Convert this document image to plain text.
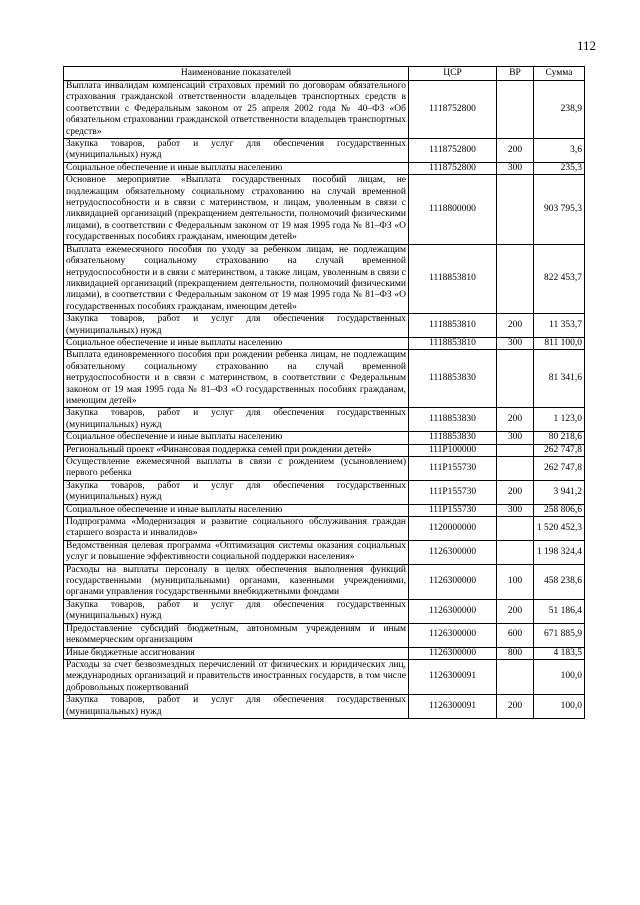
112
Наименование показателей	ЦСР	ВР	Сумма
Выплата инвалидам компенсаций страховых премий по договорам обязательного страхования гражданской ответственности владельцев транспортных средств в соответствии с Федеральным законом от 25 апреля 2002 года № 40–ФЗ «Об обязательном страховании гражданской ответственности владельцев транспортных средств»	1118752800		238,9
Закупка товаров, работ и услуг для обеспечения государственных (муниципальных) нужд	1118752800	200	3,6
Социальное обеспечение и иные выплаты населению	1118752800	300	235,3
Основное мероприятие «Выплата государственных пособий лицам, не подлежащим обязательному социальному страхованию на случай временной нетрудоспособности и в связи с материнством, и лицам, уволенным в связи с ликвидацией организаций (прекращением деятельности, полномочий физическими лицами), в соответствии с Федеральным законом от 19 мая 1995 года № 81–ФЗ «О государственных пособиях гражданам, имеющим детей»	1118800000		903 795,3
Выплата ежемесячного пособия по уходу за ребенком лицам, не подлежащим обязательному социальному страхованию на случай временной нетрудоспособности и в связи с материнством, а также лицам, уволенным в связи с ликвидацией организаций (прекращением деятельности, полномочий физическими лицами), в соответствии с Федеральным законом от 19 мая 1995 года № 81–ФЗ «О государственных пособиях гражданам, имеющим детей»	1118853810		822 453,7
Закупка товаров, работ и услуг для обеспечения государственных (муниципальных) нужд	1118853810	200	11 353,7
Социальное обеспечение и иные выплаты населению	1118853810	300	811 100,0
Выплата единовременного пособия при рождении ребенка лицам, не подлежащим обязательному социальному страхованию на случай временной нетрудоспособности и в связи с материнством, в соответствии с Федеральным законом от 19 мая 1995 года № 81–ФЗ «О государственных пособиях гражданам, имеющим детей»	1118853830		81 341,6
Закупка товаров, работ и услуг для обеспечения государственных (муниципальных) нужд	1118853830	200	1 123,0
Социальное обеспечение и иные выплаты населению	1118853830	300	80 218,6
Региональный проект «Финансовая поддержка семей при рождении детей»	111P100000		262 747,8
Осуществление ежемесячной выплаты в связи с рождением (усыновлением) первого ребенка	111P155730		262 747,8
Закупка товаров, работ и услуг для обеспечения государственных (муниципальных) нужд	111P155730	200	3 941,2
Социальное обеспечение и иные выплаты населению	111P155730	300	258 806,6
Подпрограмма «Модернизация и развитие социального обслуживания граждан старшего возраста и инвалидов»	1120000000		1 520 452,3
Ведомственная целевая программа «Оптимизация системы оказания социальных услуг и повышение эффективности социальной поддержки населения»	1126300000		1 198 324,4
Расходы на выплаты персоналу в целях обеспечения выполнения функций государственными (муниципальными) органами, казенными учреждениями, органами управления государственными внебюджетными фондами	1126300000	100	458 238,6
Закупка товаров, работ и услуг для обеспечения государственных (муниципальных) нужд	1126300000	200	51 186,4
Предоставление субсидий бюджетным, автономным учреждениям и иным некоммерческим организациям	1126300000	600	671 885,9
Иные бюджетные ассигнования	1126300000	800	4 183,5
Расходы за счет безвозмездных перечислений от физических и юридических лиц, международных организаций и правительств иностранных государств, в том числе добровольных пожертвований	1126300091		100,0
Закупка товаров, работ и услуг для обеспечения государственных (муниципальных) нужд	1126300091	200	100,0
